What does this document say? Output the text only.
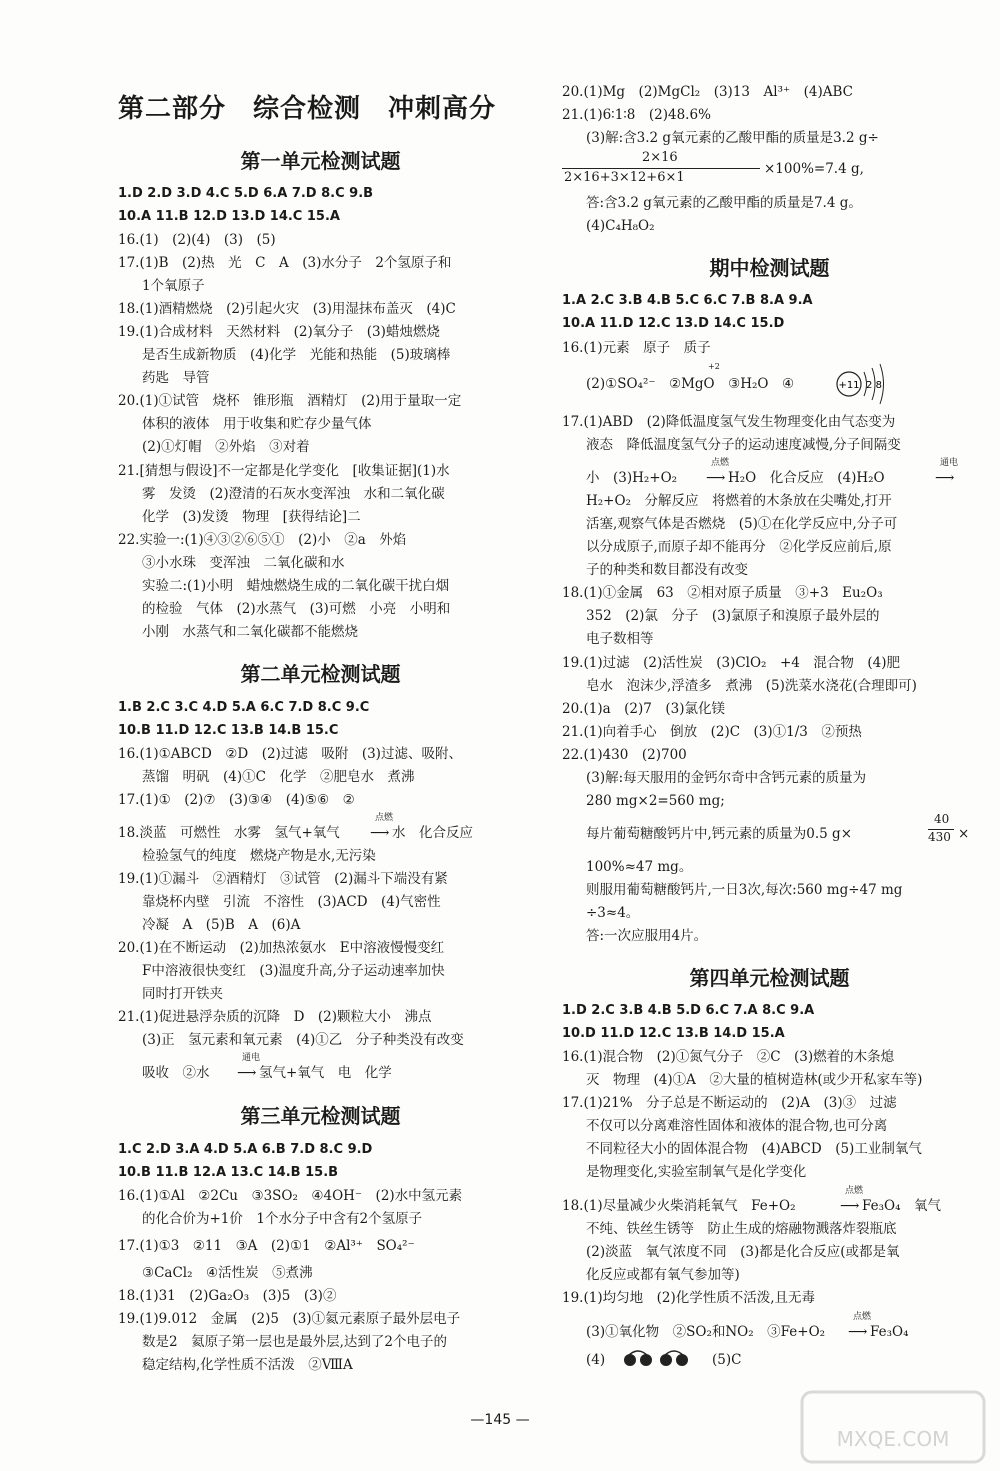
第二部分　综合检测　冲刺高分
第一单元检测试题
1.D 2.D 3.D 4.C 5.D 6.A 7.D 8.C 9.B
10.A 11.B 12.D 13.D 14.C 15.A
16.(1)　(2)(4)　(3)　(5)
17.(1)B　(2)热　光　C　A　(3)水分子　2个氢原子和
1个氧原子
18.(1)酒精燃烧　(2)引起火灾　(3)用湿抹布盖灭　(4)C
19.(1)合成材料　天然材料　(2)氧分子　(3)蜡烛燃烧
是否生成新物质　(4)化学　光能和热能　(5)玻璃棒
药匙　导管
20.(1)①试管　烧杯　锥形瓶　酒精灯　(2)用于量取一定
体积的液体　用于收集和贮存少量气体
(2)①灯帽　②外焰　③对着
21.[猜想与假设]不一定都是化学变化　[收集证据](1)水
雾　发烫　(2)澄清的石灰水变浑浊　水和二氧化碳
化学　(3)发烫　物理　[获得结论]二
22.实验一:(1)④③②⑥⑤①　(2)小　②a　外焰
③小水珠　变浑浊　二氧化碳和水
实验二:(1)小明　蜡烛燃烧生成的二氧化碳干扰白烟
的检验　气体　(2)水蒸气　(3)可燃　小亮　小明和
小刚　水蒸气和二氧化碳都不能燃烧
第二单元检测试题
1.B 2.C 3.C 4.D 5.A 6.C 7.D 8.C 9.C
10.B 11.D 12.C 13.B 14.B 15.C
16.(1)①ABCD　②D　(2)过滤　吸附　(3)过滤、吸附、
蒸馏　明矾　(4)①C　化学　②肥皂水　煮沸
17.(1)①　(2)⑦　(3)③④　(4)⑤⑥　②
18.淡蓝　可燃性　水雾　氢气+氧气
点燃
⟶ 水　化合反应
检验氢气的纯度　燃烧产物是水,无污染
19.(1)①漏斗　②酒精灯　③试管　(2)漏斗下端没有紧
靠烧杯内壁　引流　不溶性　(3)ACD　(4)气密性
冷凝　A　(5)B　A　(6)A
20.(1)在不断运动　(2)加热浓氨水　E中溶液慢慢变红
F中溶液很快变红　(3)温度升高,分子运动速率加快
同时打开铁夹
21.(1)促进悬浮杂质的沉降　D　(2)颗粒大小　沸点
(3)正　氢元素和氧元素　(4)①乙　分子种类没有改变
吸收　②水
通电
⟶ 氢气+氧气　电　化学
第三单元检测试题
1.C 2.D 3.A 4.D 5.A 6.B 7.D 8.C 9.D
10.B 11.B 12.A 13.C 14.B 15.B
16.(1)①Al　②2Cu　③3SO₂　④4OH⁻　(2)水中氢元素
的化合价为+1价　1个水分子中含有2个氢原子
17.(1)①3　②11　③A　(2)①1　②Al³⁺　SO₄²⁻
③CaCl₂　④活性炭　⑤煮沸
18.(1)31　(2)Ga₂O₃　(3)5　(3)②
19.(1)9.012　金属　(2)5　(3)①氦元素原子最外层电子
数是2　氦原子第一层也是最外层,达到了2个电子的
稳定结构,化学性质不活泼　②ⅧA
20.(1)Mg　(2)MgCl₂　(3)13　Al³⁺　(4)ABC
21.(1)6∶1∶8　(2)48.6%
(3)解:含3.2 g氧元素的乙酸甲酯的质量是3.2 g÷
2×16
2×16+3×12+6×1
×100%=7.4 g,
答:含3.2 g氧元素的乙酸甲酯的质量是7.4 g。
(4)C₄H₈O₂
期中检测试题
1.A 2.C 3.B 4.B 5.C 6.C 7.B 8.A 9.A
10.A 11.D 12.C 13.D 14.C 15.D
16.(1)元素　原子　质子
(2)①SO₄²⁻　②MgO　③H₂O　④
+2
+11 2 8
17.(1)ABD　(2)降低温度氢气发生物理变化由气态变为
液态　降低温度氢气分子的运动速度减慢,分子间隔变
小　(3)H₂+O₂
点燃
⟶ H₂O　化合反应　(4)H₂O
通电
⟶
H₂+O₂　分解反应　将燃着的木条放在尖嘴处,打开
活塞,观察气体是否燃烧　(5)①在化学反应中,分子可
以分成原子,而原子却不能再分　②化学反应前后,原
子的种类和数目都没有改变
18.(1)①金属　63　②相对原子质量　③+3　Eu₂O₃
352　(2)氯　分子　(3)氯原子和溴原子最外层的
电子数相等
19.(1)过滤　(2)活性炭　(3)ClO₂　+4　混合物　(4)肥
皂水　泡沫少,浮渣多　煮沸　(5)洗菜水浇花(合理即可)
20.(1)a　(2)7　(3)氯化镁
21.(1)向着手心　倒放　(2)C　(3)①1/3　②预热
22.(1)430　(2)700
(3)解:每天服用的金钙尔奇中含钙元素的质量为
280 mg×2=560 mg;
每片葡萄糖酸钙片中,钙元素的质量为0.5 g×
40
430 ×
100%≈47 mg。
则服用葡萄糖酸钙片,一日3次,每次:560 mg÷47 mg
÷3≈4。
答:一次应服用4片。
第四单元检测试题
1.D 2.C 3.B 4.B 5.D 6.C 7.A 8.C 9.A
10.D 11.D 12.C 13.B 14.D 15.A
16.(1)混合物　(2)①氮气分子　②C　(3)燃着的木条熄
灭　物理　(4)①A　②大量的植树造林(或少开私家车等)
17.(1)21%　分子总是不断运动的　(2)A　(3)③　过滤
不仅可以分离难溶性固体和液体的混合物,也可分离
不同粒径大小的固体混合物　(4)ABCD　(5)工业制氧气
是物理变化,实验室制氧气是化学变化
18.(1)尽量减少火柴消耗氧气　Fe+O₂
点燃
⟶ Fe₃O₄　氧气
不纯、铁丝生锈等　防止生成的熔融物溅落炸裂瓶底
(2)淡蓝　氧气浓度不同　(3)都是化合反应(或都是氧
化反应或都有氧气参加等)
19.(1)均匀地　(2)化学性质不活泼,且无毒
(3)①氧化物　②SO₂和NO₂　③Fe+O₂
点燃
⟶ Fe₃O₄
(4)	(5)C
—145 —
MXQE.COM
